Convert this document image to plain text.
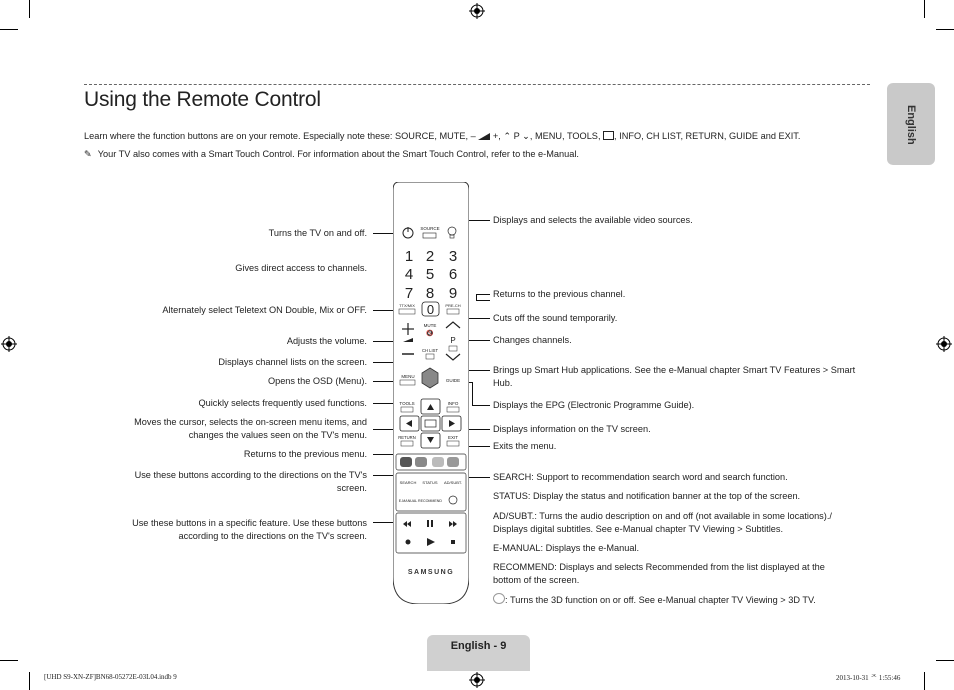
Using the Remote Control
Learn where the function buttons are on your remote. Especially note these: SOURCE, MUTE, – +, ⌃ P ⌄, MENU, TOOLS, , INFO, CH LIST, RETURN, GUIDE and EXIT.
✎ Your TV also comes with a Smart Touch Control. For information about the Smart Touch Control, refer to the e-Manual.
English
Turns the TV on and off.
Gives direct access to channels.
Alternately select Teletext ON Double, Mix or OFF.
Adjusts the volume.
Displays channel lists on the screen.
Opens the OSD (Menu).
Quickly selects frequently used functions.
Moves the cursor, selects the on-screen menu items, and changes the values seen on the TV's menu.
Returns to the previous menu.
Use these buttons according to the directions on the TV's screen.
Use these buttons in a specific feature. Use these buttons according to the directions on the TV's screen.
Displays and selects the available video sources.
Returns to the previous channel.
Cuts off the sound temporarily.
Changes channels.
Brings up Smart Hub applications. See the e-Manual chapter Smart TV Features > Smart Hub.
Displays the EPG (Electronic Programme Guide).
Displays information on the TV screen.
Exits the menu.
SEARCH: Support to recommendation search word and search function.
STATUS: Display the status and notification banner at the top of the screen.
AD/SUBT.: Turns the audio description on and off (not available in some locations)./
Displays digital subtitles. See e-Manual chapter TV Viewing > Subtitles.
E-MANUAL: Displays the e-Manual.
RECOMMEND: Displays and selects Recommended from the list displayed at the
bottom of the screen.
: Turns the 3D function on or off. See e-Manual chapter TV Viewing > 3D TV.
SOURCE
1 2 3
4 5 6
7 8 9
TTX/MIX 0	PRE-CH
MUTE
🔇
CH LIST
P
MENU
GUIDE
TOOLS	INFO
RETURN	EXIT
SEARCH STATUS AD/SUBT.
E-MANUAL RECOMMEND
SAMSUNG
English - 9
[UHD S9-XN-ZF]BN68-05272E-03L04.indb 9	2013-10-31 ᄌ 1:55:46
